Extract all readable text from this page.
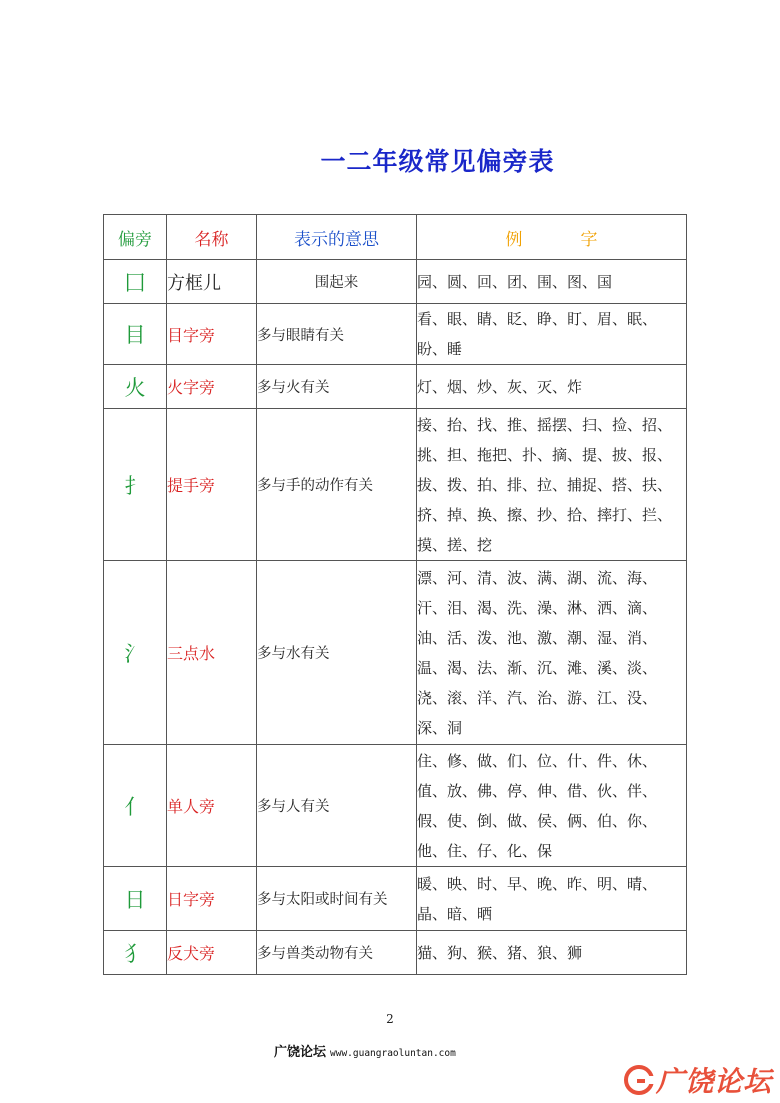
一二年级常见偏旁表
偏旁	名称	表示的意思	例 字
囗	方框儿	围起来	园、圆、回、团、围、图、国
目	目字旁	多与眼睛有关	看、眼、睛、眨、睁、盯、眉、眠、盼、睡
火	火字旁	多与火有关	灯、烟、炒、灰、灭、炸
扌	提手旁	多与手的动作有关	接、抬、找、推、摇摆、扫、捡、招、挑、担、拖把、扑、摘、提、披、报、拔、拨、拍、排、拉、捕捉、搭、扶、挤、掉、换、擦、抄、拾、摔打、拦、摸、搓、挖
氵	三点水	多与水有关	漂、河、清、波、满、湖、流、海、汗、泪、渴、洗、澡、淋、洒、滴、油、活、泼、池、激、潮、湿、消、温、渴、法、渐、沉、滩、溪、淡、浇、滚、洋、汽、治、游、江、没、深、洞
亻	单人旁	多与人有关	住、修、做、们、位、什、件、休、值、放、佛、停、伸、借、伙、伴、假、使、倒、做、侯、俩、伯、你、他、住、仔、化、保
日	日字旁	多与太阳或时间有关	暖、映、时、早、晚、昨、明、晴、晶、暗、晒
犭	反犬旁	多与兽类动物有关	猫、狗、猴、猪、狼、狮
2
广饶论坛 www.guangraoluntan.com
广饶论坛
